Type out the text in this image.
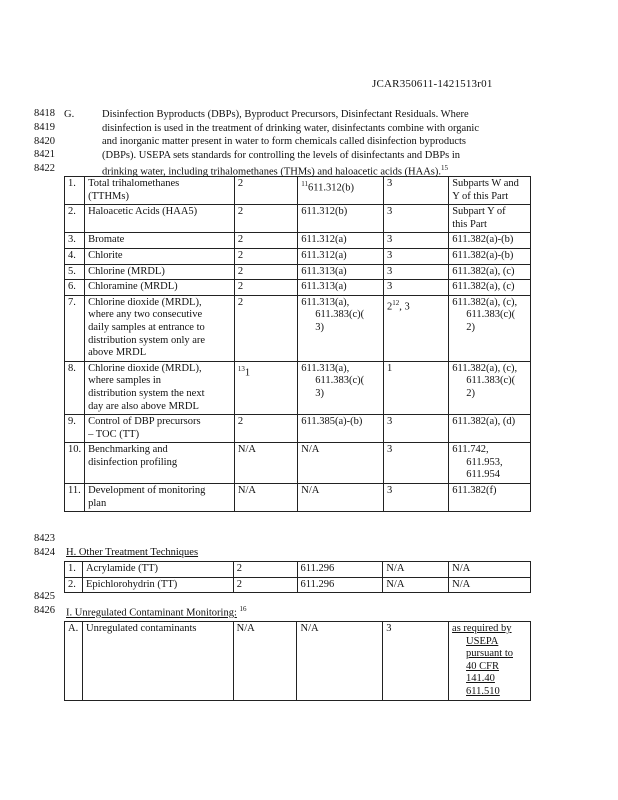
JCAR350611-1421513r01
8418
8419
8420
8421
8422
8423
8424
8425
8426
G.	Disinfection Byproducts (DBPs), Byproduct Precursors, Disinfectant Residuals. Where
disinfection is used in the treatment of drinking water, disinfectants combine with organic
and inorganic matter present in water to form chemicals called disinfection byproducts
(DBPs). USEPA sets standards for controlling the levels of disinfectants and DBPs in
drinking water, including trihalomethanes (THMs) and haloacetic acids (HAAs).$^{15}$
1.	Total trihalomethanes
(TTHMs)	2	$^{11}$611.312(b)	3	Subparts W and
Y of this Part

2.	Haloacetic Acids (HAA5)	2	611.312(b)	3	Subpart Y of
this Part

3.	Bromate	2	611.312(a)	3	611.382(a)-(b)

4.	Chlorite	2	611.312(a)	3	611.382(a)-(b)

5.	Chlorine (MRDL)	2	611.313(a)	3	611.382(a), (c)

6.	Chloramine (MRDL)	2	611.313(a)	3	611.382(a), (c)

7.	Chlorine dioxide (MRDL),
where any two consecutive
daily samples at entrance to
distribution system only are
above MRDL	2	611.313(a),
611.383(c)(
3)	$2^{12}$, 3	611.382(a), (c),
611.383(c)(
2)

8.	Chlorine dioxide (MRDL),
where samples in
distribution system the next
day are also above MRDL	$^{13}$1	611.313(a),
611.383(c)(
3)	1	611.382(a), (c),
611.383(c)(
2)

9.	Control of DBP precursors
– TOC (TT)	2	611.385(a)-(b)	3	611.382(a), (d)

10.	Benchmarking and
disinfection profiling	N/A	N/A	3	611.742,
611.953,
611.954

11.	Development of monitoring
plan	N/A	N/A	3	611.382(f)
H. Other Treatment Techniques
1.	Acrylamide (TT)	2	611.296	N/A	N/A
2.	Epichlorohydrin (TT)	2	611.296	N/A	N/A
I. Unregulated Contaminant Monitoring: $^{16}$
A.	Unregulated contaminants	N/A	N/A	3	as required by
USEPA
pursuant to
40 CFR
141.40
611.510
